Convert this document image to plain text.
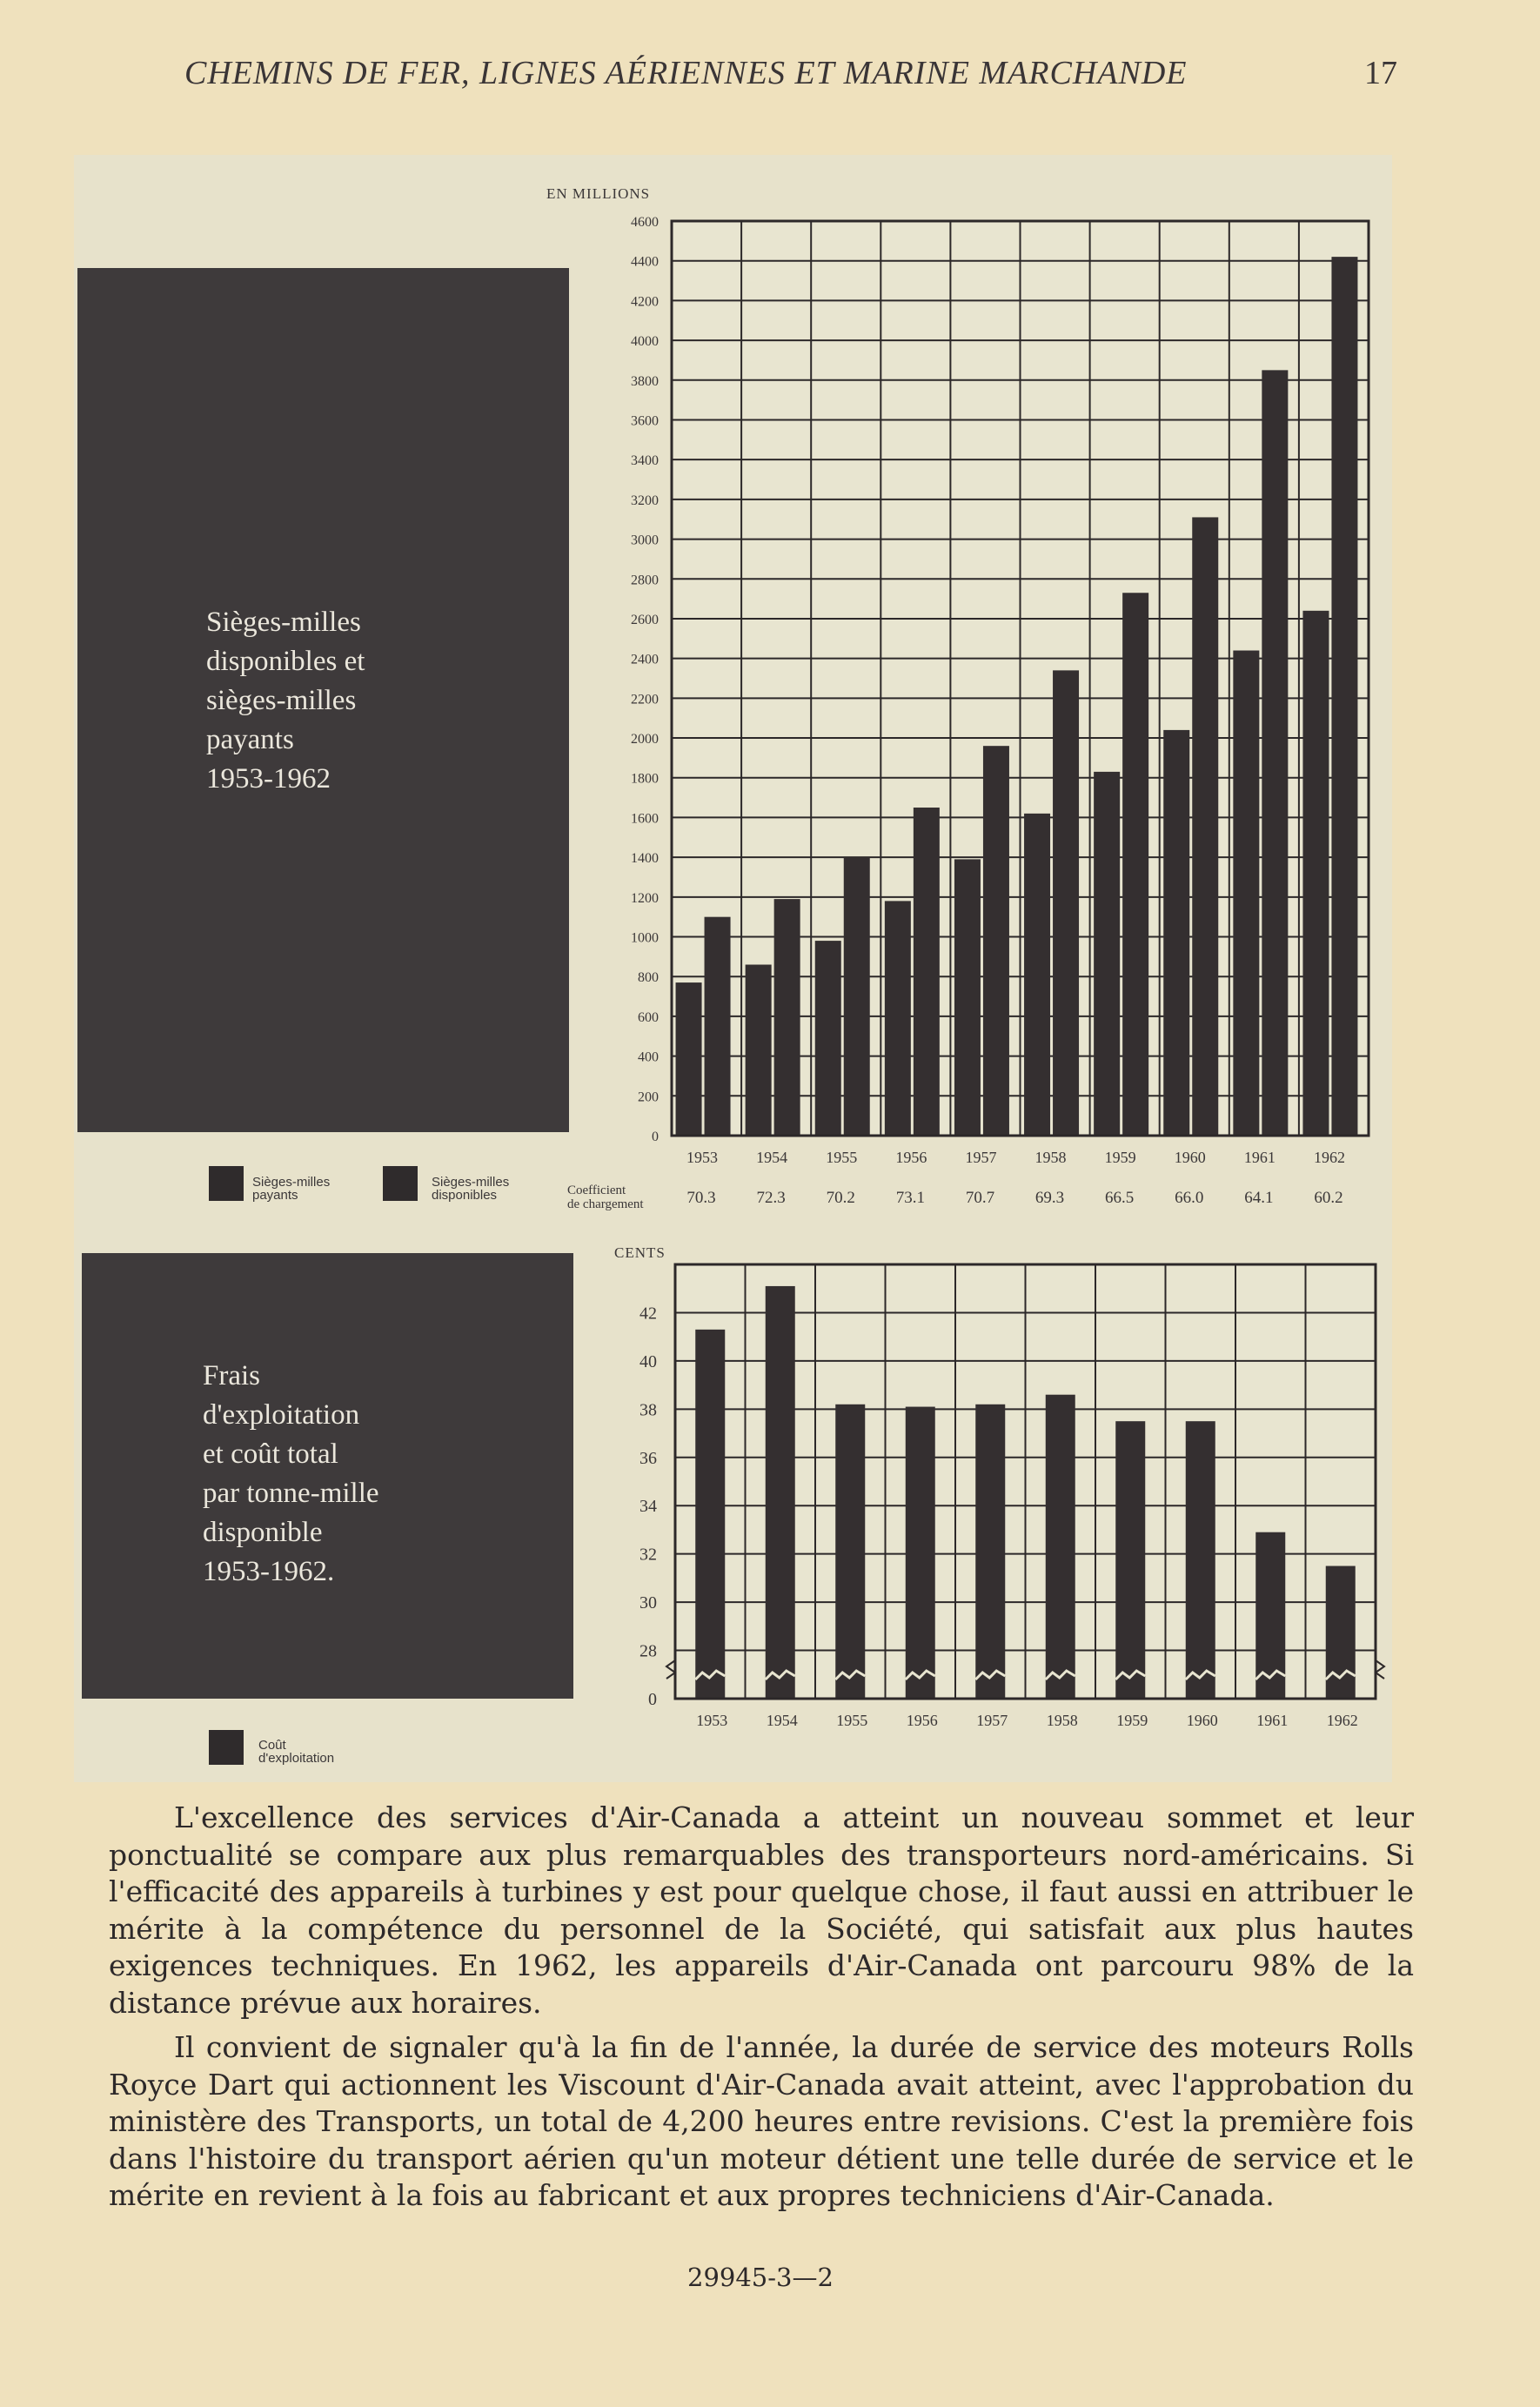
CHEMINS DE FER, LIGNES AÉRIENNES ET MARINE MARCHANDE	17
Sièges-milles
disponibles et
sièges-milles
payants
1953-1962
Sièges-milles
payants
Sièges-milles
disponibles
0
200
400
600
800
1000
1200
1400
1600
1800
2000
2200
2400
2600
2800
3000
3200
3400
3600
3800
4000
4200
4400
4600
EN MILLIONS
1953 1954 1955 1956 1957 1958 1959 1960 1961 1962
Coefficient
de chargement	70.3 72.3 70.2 73.1 70.7 69.3 66.5 66.0 64.1 60.2
Frais
d'exploitation
et coût total
par tonne-mille
disponible
1953-1962.
Coût
d'exploitation
0
28
30
32
34
36
38
40
42
CENTS
1953 1954 1955 1956 1957 1958 1959 1960 1961 1962

L'excellence des services d'Air-Canada a atteint un nouveau sommet et leur ponctualité se compare aux plus remarquables des transporteurs nord-américains. Si l'efficacité des appareils à turbines y est pour quelque chose, il faut aussi en attribuer le mérite à la compétence du personnel de la Société, qui satisfait aux plus hautes exigences techniques. En 1962, les appareils d'Air-Canada ont parcouru 98% de la distance prévue aux horaires.

Il convient de signaler qu'à la fin de l'année, la durée de service des moteurs Rolls Royce Dart qui actionnent les Viscount d'Air-Canada avait atteint, avec l'approbation du ministère des Transports, un total de 4,200 heures entre revisions. C'est la première fois dans l'histoire du transport aérien qu'un moteur détient une telle durée de service et le mérite en revient à la fois au fabricant et aux propres techniciens d'Air-Canada.

29945-3—2
